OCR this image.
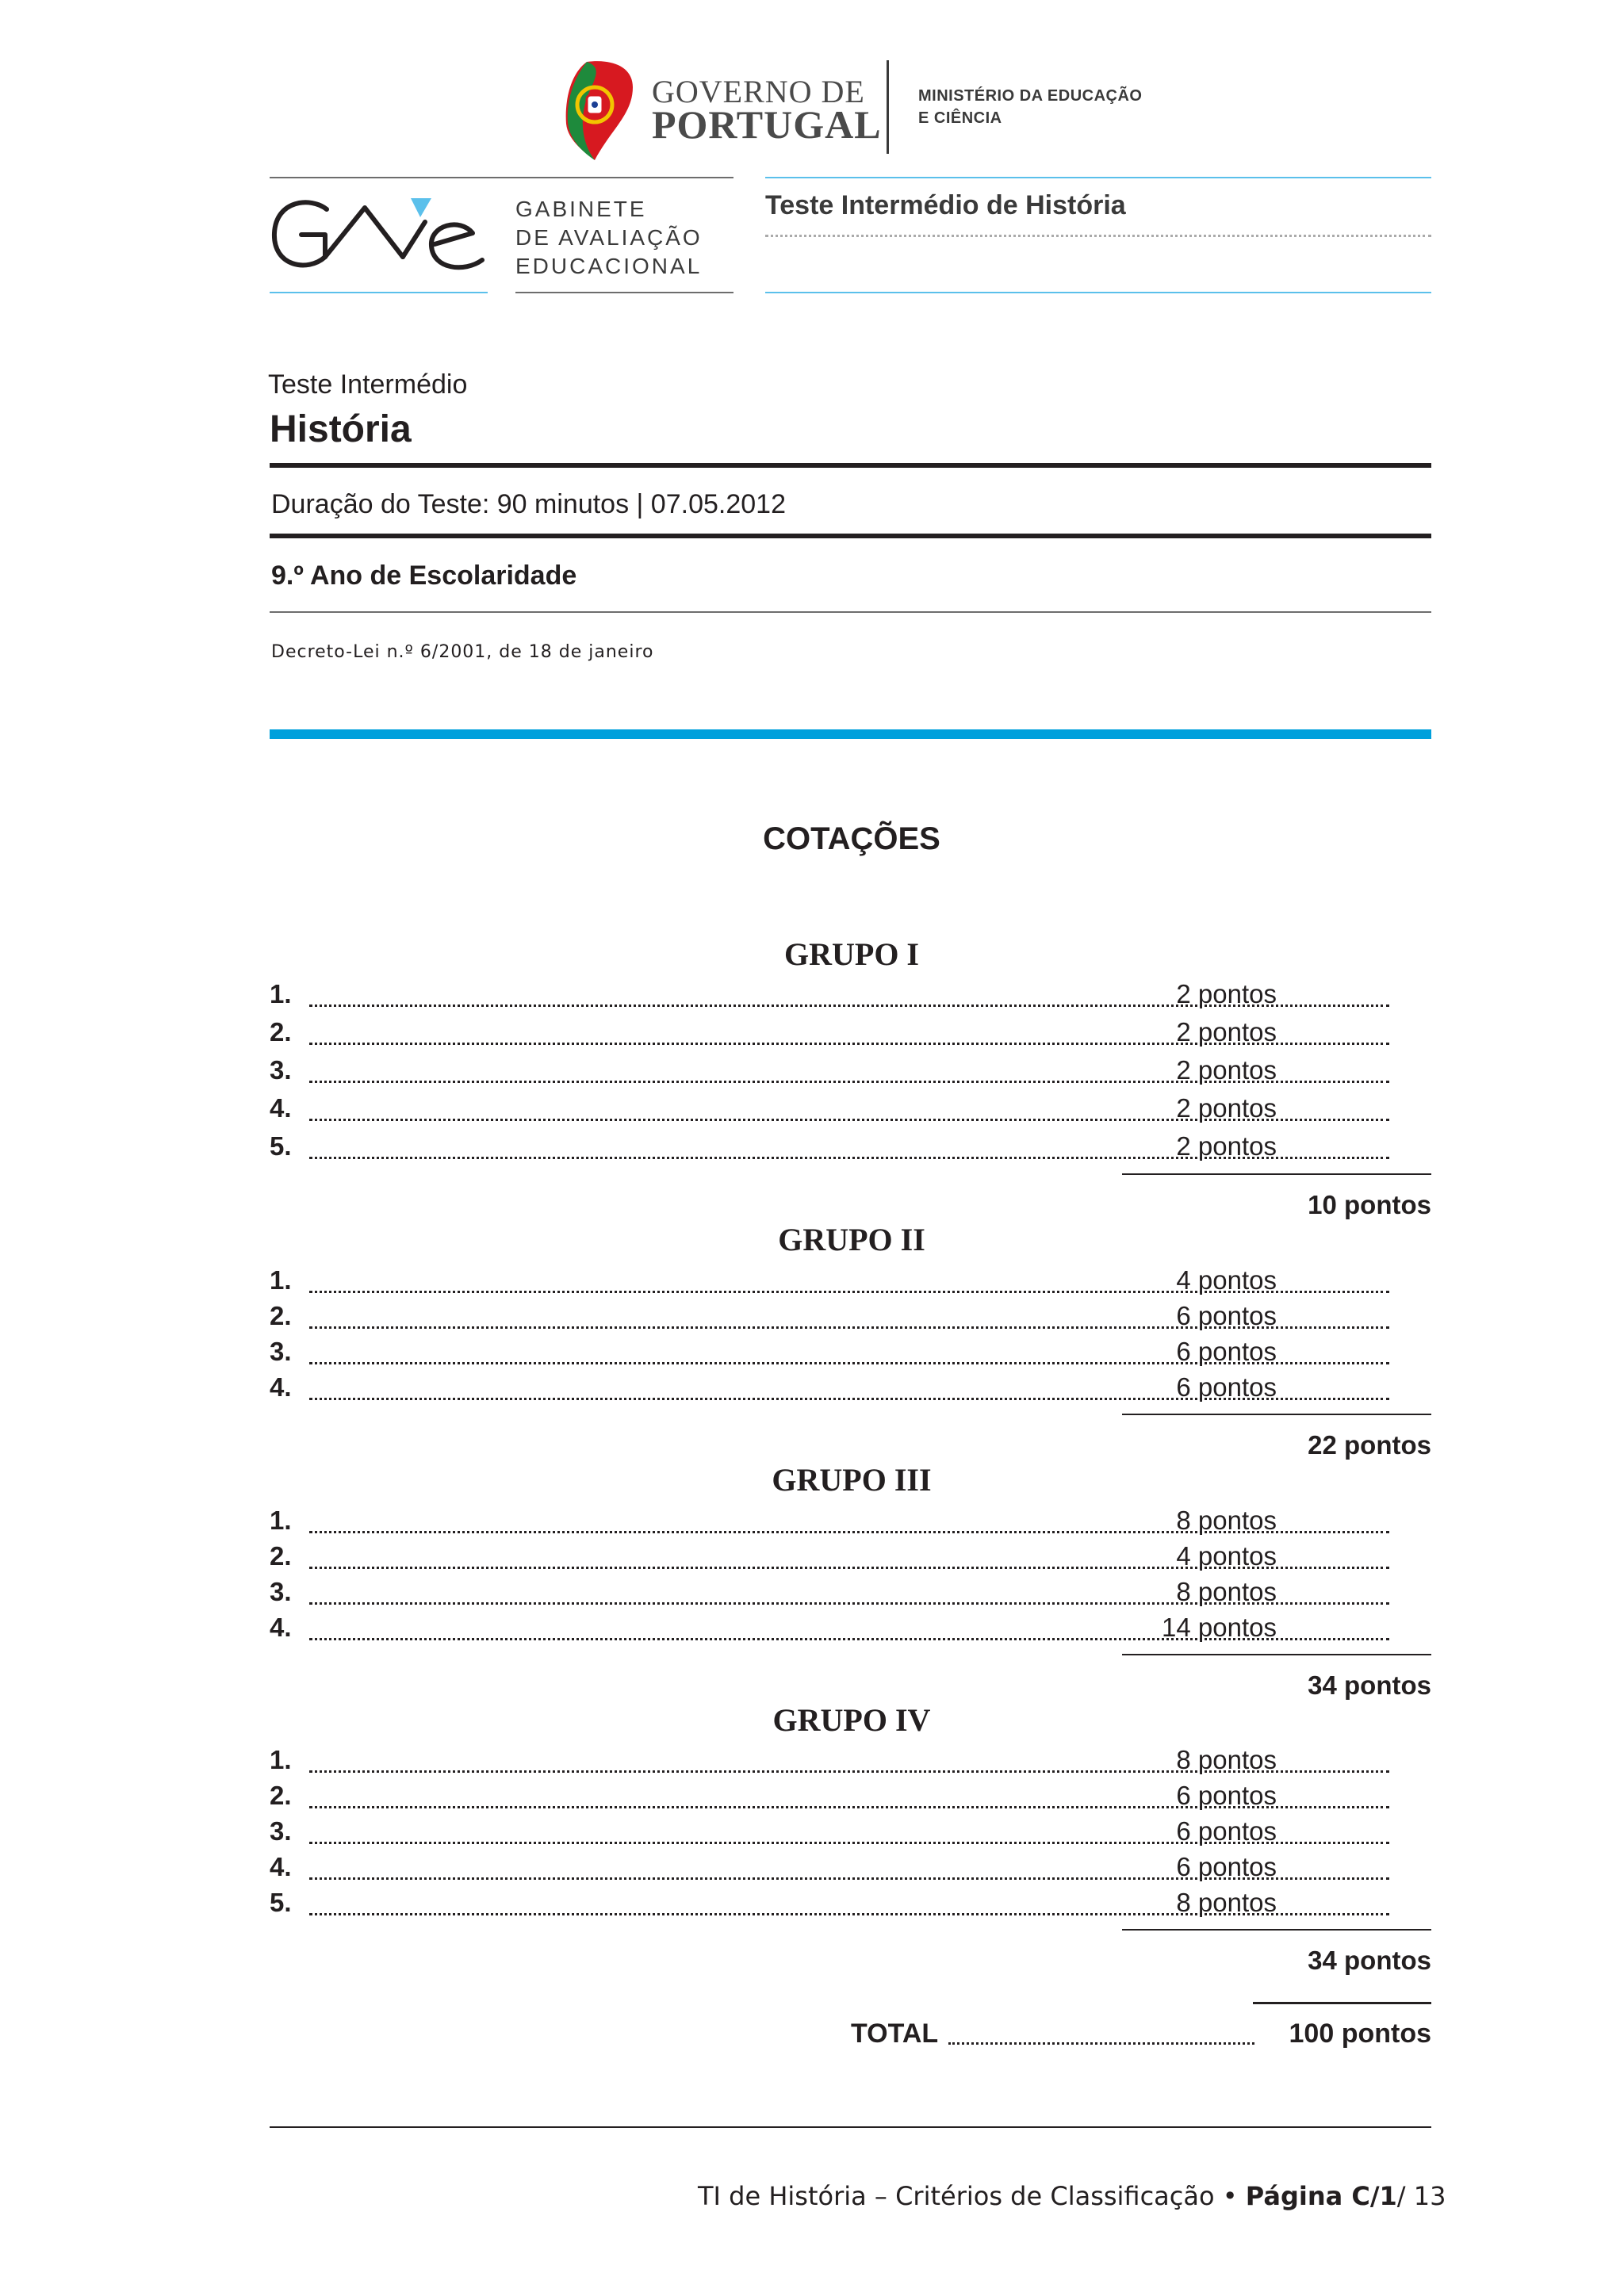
GOVERNO DE
PORTUGAL
MINISTÉRIO DA EDUCAÇÃO
E CIÊNCIA
GABINETE
DE AVALIAÇÃO
EDUCACIONAL
Teste Intermédio de História
Teste Intermédio
História
Duração do Teste: 90 minutos | 07.05.2012
9.º Ano de Escolaridade
Decreto-Lei n.º 6/2001, de 18 de janeiro
COTAÇÕES
GRUPO I
1.	2 pontos
2.	2 pontos
3.	2 pontos
4.	2 pontos
5.	2 pontos
10 pontos
GRUPO II
1.	4 pontos
2.	6 pontos
3.	6 pontos
4.	6 pontos
22 pontos
GRUPO III
1.	8 pontos
2.	4 pontos
3.	8 pontos
4.	14 pontos
34 pontos
GRUPO IV
1.	8 pontos
2.	6 pontos
3.	6 pontos
4.	6 pontos
5.	8 pontos
34 pontos
TOTAL	100 pontos
TI de História – Critérios de Classificação • Página C/1/ 13
